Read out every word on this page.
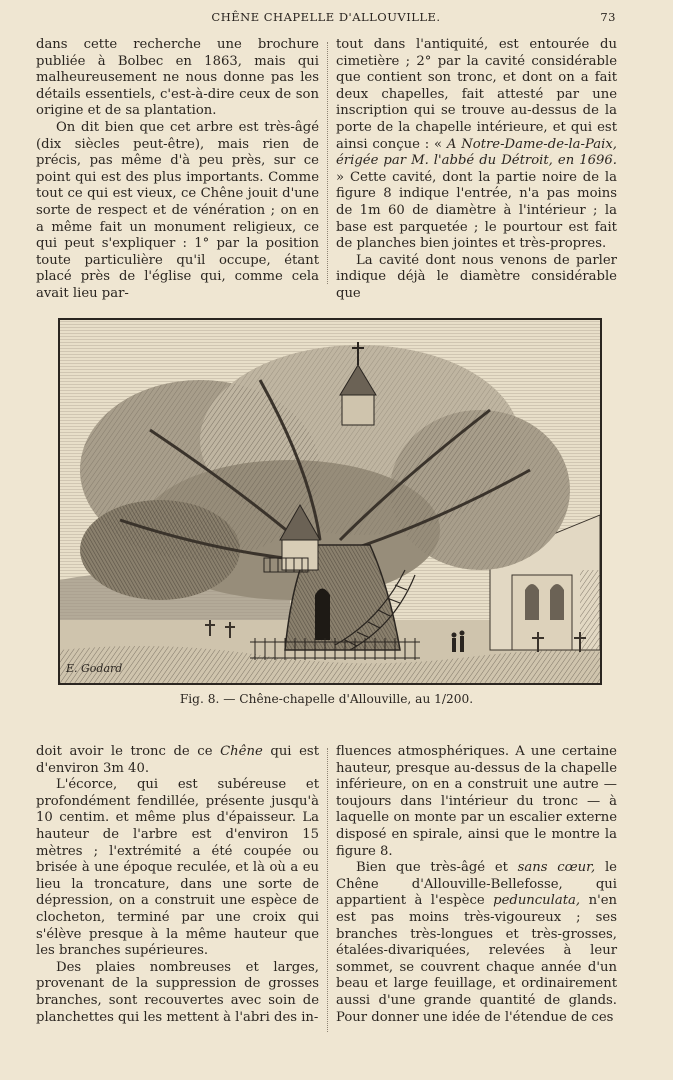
CHÊNE CHAPELLE D'ALLOUVILLE.	73

dans cette recherche une brochure publiée à Bolbec en 1863, mais qui malheureusement ne nous donne pas les détails essentiels, c'est-à-dire ceux de son origine et de sa plantation.

On dit bien que cet arbre est très-âgé (dix siècles peut-être), mais rien de précis, pas même d'à peu près, sur ce point qui est des plus importants. Comme tout ce qui est vieux, ce Chêne jouit d'une sorte de respect et de vénération ; on en a même fait un monument religieux, ce qui peut s'expliquer : 1° par la position toute particulière qu'il occupe, étant placé près de l'église qui, comme cela avait lieu par-

tout dans l'antiquité, est entourée du cimetière ; 2° par la cavité considérable que contient son tronc, et dont on a fait deux chapelles, fait attesté par une inscription qui se trouve au-dessus de la porte de la chapelle intérieure, et qui est ainsi conçue : « A Notre-Dame-de-la-Paix, érigée par M. l'abbé du Détroit, en 1696. » Cette cavité, dont la partie noire de la figure 8 indique l'entrée, n'a pas moins de 1m 60 de diamètre à l'intérieur ; la base est parquetée ; le pourtour est fait de planches bien jointes et très-propres.

La cavité dont nous venons de parler indique déjà le diamètre considérable que

E. Godard
Fig. 8. — Chêne-chapelle d'Allouville, au 1/200.

doit avoir le tronc de ce Chêne qui est d'environ 3m 40.

L'écorce, qui est subéreuse et profondément fendillée, présente jusqu'à 10 centim. et même plus d'épaisseur. La hauteur de l'arbre est d'environ 15 mètres ; l'extrémité a été coupée ou brisée à une époque reculée, et là où a eu lieu la troncature, dans une sorte de dépression, on a construit une espèce de clocheton, terminé par une croix qui s'élève presque à la même hauteur que les branches supérieures.

Des plaies nombreuses et larges, provenant de la suppression de grosses branches, sont recouvertes avec soin de planchettes qui les mettent à l'abri des in-

fluences atmosphériques. A une certaine hauteur, presque au-dessus de la chapelle inférieure, on en a construit une autre — toujours dans l'intérieur du tronc — à laquelle on monte par un escalier externe disposé en spirale, ainsi que le montre la figure 8.

Bien que très-âgé et sans cœur, le Chêne d'Allouville-Bellefosse, qui appartient à l'espèce pedunculata, n'en est pas moins très-vigoureux ; ses branches très-longues et très-grosses, étalées-divariquées, relevées à leur sommet, se couvrent chaque année d'un beau et large feuillage, et ordinairement aussi d'une grande quantité de glands. Pour donner une idée de l'étendue de ces
